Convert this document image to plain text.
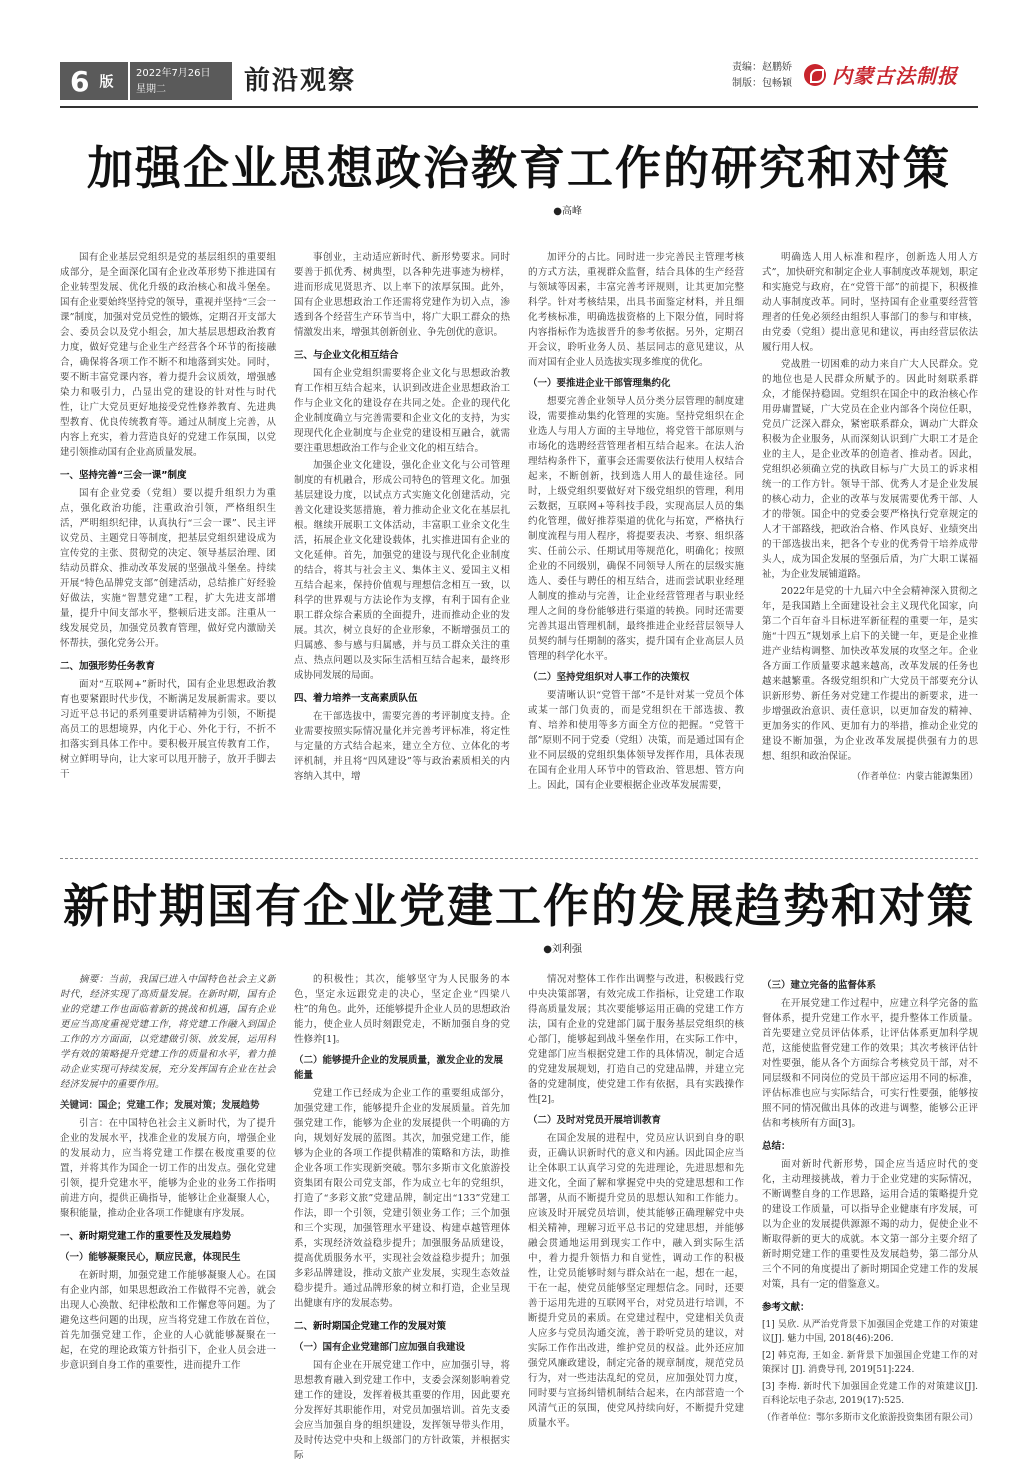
6 版
2022年7月26日
星期二	前沿观察	责编：赵鹏娇
制版：包畅颖 内蒙古法制报
加强企业思想政治教育工作的研究和对策
●高峰

国有企业基层党组织是党的基层组织的重要组成部分，是全面深化国有企业改革形势下推进国有企业转型发展、优化升级的政治核心和战斗堡垒。国有企业要始终坚持党的领导，重视并坚持“三会一课”制度，加强对党员党性的锻炼，定期召开支部大会、委员会以及党小组会，加大基层思想政治教育力度，做好党建与企业生产经营各个环节的衔接融合，确保将各项工作不断不和地落到实处。同时，要不断丰富党课内容，着力提升会议质效，增强感染力和吸引力，凸显出党的建设的针对性与时代性，让广大党员更好地接受党性修养教育、先进典型教育、优良传统教育等。通过从制度上完善，从内容上充实，着力营造良好的党建工作氛围，以党建引领推动国有企业高质量发展。

一、坚持完善“三会一课”制度

国有企业党委（党组）要以提升组织力为重点，强化政治功能，注重政治引领，严格组织生活，严明组织纪律，认真执行“三会一课”、民主评议党员、主题党日等制度，把基层党组织建设成为宣传党的主张、贯彻党的决定、领导基层治理、团结动员群众、推动改革发展的坚强战斗堡垒。持续开展“特色品牌党支部”创建活动，总结推广好经验好做法，实施“智慧党建”工程，扩大先进支部增量，提升中间支部水平，整顿后进支部。注重从一线发展党员，加强党员教育管理，做好党内激励关怀帮扶，强化党务公开。

二、加强形势任务教育

面对“互联网+”新时代，国有企业思想政治教育也要紧跟时代步伐，不断满足发展新需求。要以习近平总书记的系列重要讲话精神为引领，不断提高员工的思想境界，内化于心、外化于行，不折不扣落实到具体工作中。要积极开展宣传教育工作，树立鲜明导向，让大家可以甩开膀子，放开手脚去干

事创业，主动适应新时代、新形势要求。同时要善于抓优秀、树典型，以各种先进事迹为榜样，进而形成见贤思齐、以上率下的浓厚氛围。此外，国有企业思想政治工作还需将党建作为切入点，渗透到各个经营生产环节当中，将广大职工群众的热情激发出来，增强其创新创业、争先创优的意识。

三、与企业文化相互结合

国有企业党组织需要将企业文化与思想政治教育工作相互结合起来，认识到改进企业思想政治工作与企业文化的建设存在共同之处。企业的现代化企业制度确立与完善需要和企业文化的支持，为实现现代化企业制度与企业党的建设相互融合，就需要注重思想政治工作与企业文化的相互结合。

加强企业文化建设，强化企业文化与公司管理制度的有机融合，形成公司特色的管理文化。加强基层建设力度，以试点方式实施文化创建活动，完善文化建设奖惩措施，着力推动企业文化在基层扎根。继续开展职工文体活动，丰富职工业余文化生活，拓展企业文化建设载体，扎实推进国有企业的文化延伸。首先，加强党的建设与现代化企业制度的结合，将其与社会主义、集体主义、爱国主义相互结合起来，保持价值观与理想信念相互一致，以科学的世界观与方法论作为支撑，有利于国有企业职工群众综合素质的全面提升，进而推动企业的发展。其次，树立良好的企业形象，不断增强员工的归属感、参与感与归属感，并与员工群众关注的重点、热点问题以及实际生活相互结合起来，最终形成协同发展的局面。

四、着力培养一支高素质队伍

在干部选拔中，需要完善的考评制度支持。企业需要按照实际情况量化并完善考评标准，将定性与定量的方式结合起来，建立全方位、立体化的考评机制，并且将“四风建设”等与政治素质相关的内容纳入其中，增

加评分的占比。同时进一步完善民主管理考核的方式方法，重视群众监督，结合具体的生产经营与领域等因素，丰富完善考评规则，让其更加完整科学。针对考核结果，出具书面鉴定材料，并且细化考核标准，明确选拔资格的上下限分值，同时将内容指标作为选拔晋升的参考依据。另外，定期召开会议，聆听业务人员、基层同志的意见建议，从而对国有企业人员选拔实现多维度的优化。

（一）要推进企业干部管理集约化

想要完善企业领导人员分类分层管理的制度建设，需要推动集约化管理的实施。坚持党组织在企业选人与用人方面的主导地位，将党管干部原则与市场化的选聘经营管理者相互结合起来。在法人治理结构条件下，董事会还需要依法行使用人权结合起来，不断创新，找到选人用人的最佳途径。同时，上级党组织要做好对下级党组织的管理，利用云数据，互联网+等科技手段，实现高层人员的集约化管理，做好推荐渠道的优化与拓宽，严格执行制度流程与用人程序，将提要表决、考察、组织落实、任前公示、任期试用等规范化，明确化；按照企业的不同级别，确保不同领导人所在的层级实施选人、委任与聘任的相互结合，进而尝试职业经理人制度的推动与完善，让企业经营管理者与职业经理人之间的身份能够进行渠道的转换。同时还需要完善其退出管理机制，最终推进企业经营层领导人员契约制与任期制的落实，提升国有企业高层人员管理的科学化水平。

（二）坚持党组织对人事工作的决策权

要清晰认识“党管干部”不是针对某一党员个体或某一部门负责的，而是党组织在干部选拔、教育、培养和使用等多方面全方位的把握。“党管干部”原则不同于党委（党组）决策，而是通过国有企业不同层级的党组织集体领导发挥作用，具体表现在国有企业用人环节中的管政治、管思想、管方向上。因此，国有企业要根据企业改革发展需要，

明确选人用人标准和程序，创新选人用人方式”，加快研究和制定企业人事制度改革规划，职定和实施党与政府，在“党管干部”的前提下，积极推动人事制度改革。同时，坚持国有企业重要经营管理者的任免必须经由组织人事部门的参与和审核，由党委（党组）提出意见和建议，再由经营层依法履行用人权。

党战胜一切困难的动力来自广大人民群众。党的地位也是人民群众所赋予的。因此时刻联系群众，才能保持稳固。党组织在国企中的政治核心作用毋庸置疑，广大党员在企业内部各个岗位任职，党员广泛深入群众，紧密联系群众，调动广大群众积极为企业服务，从而深刻认识到广大职工才是企业的主人，是企业改革的创造者、推动者。因此，党组织必须确立党的执政目标与广大员工的诉求相统一的工作方针。领导干部、优秀人才是企业发展的核心动力，企业的改革与发展需要优秀干部、人才的带领。国企中的党委会要严格执行党章规定的人才干部路线，把政治合格、作风良好、业绩突出的干部选拔出来，把各个专业的优秀骨干培养成带头人，成为国企发展的坚强后盾，为广大职工谋福祉，为企业发展铺道路。

2022年是党的十九届六中全会精神深入贯彻之年，是我国踏上全面建设社会主义现代化国家，向第二个百年奋斗目标进军新征程的重要一年，是实施“十四五”规划承上启下的关键一年，更是企业推进产业结构调整、加快改革发展的攻坚之年。企业各方面工作质量要求越来越高，改革发展的任务也越来越繁重。各级党组织和广大党员干部要充分认识新形势、新任务对党建工作提出的新要求，进一步增强政治意识、责任意识，以更加奋发的精神、更加务实的作风、更加有力的举措，推动企业党的建设不断加强，为企业改革发展提供强有力的思想、组织和政治保证。

（作者单位：内蒙古能源集团）
新时期国有企业党建工作的发展趋势和对策
●刘利强

摘要：当前，我国已进入中国特色社会主义新时代，经济实现了高质量发展。在新时期，国有企业的党建工作也面临着新的挑战和机遇，国有企业更应当高度重视党建工作，将党建工作融入到国企工作的方方面面，以党建做引领、放发展，运用科学有效的策略提升党建工作的质量和水平，着力推动企业实现可持续发展，充分发挥国有企业在社会经济发展中的重要作用。

关键词：国企；党建工作；发展对策；发展趋势

引言：在中国特色社会主义新时代，为了提升企业的发展水平，找准企业的发展方向，增强企业的发展动力，应当将党建工作摆在极度重要的位置，并将其作为国企一切工作的出发点。强化党建引领，提升党建水平，能够为企业的业务工作指明前进方向，提供正确指导，能够让企业凝聚人心，聚积能量，推动企业各项工作健康有序发展。

一、新时期党建工作的重要性及发展趋势
（一）能够凝聚民心，顺应民意，体现民生

在新时期，加强党建工作能够凝聚人心。在国有企业内部，如果思想政治工作做得不完善，就会出现人心涣散、纪律松散和工作懈怠等问题。为了避免这些问题的出现，应当将党建工作放在首位，首先加强党建工作，企业的人心就能够凝聚在一起，在党的理论政策方针指引下，企业人员会进一步意识到自身工作的重要性，进而提升工作

的积极性；其次，能够坚守为人民服务的本色，坚定永远跟党走的决心，坚定企业“四梁八柱”的角色。此外，还能够提升企业人员的思想政治能力，使企业人员时刻跟党走，不断加强自身的党性修养[1]。

（二）能够提升企业的发展质量，激发企业的发展能量

党建工作已经成为企业工作的重要组成部分，加强党建工作，能够提升企业的发展质量。首先加强党建工作，能够为企业的发展提供一个明确的方向，规划好发展的蓝图。其次，加强党建工作，能够为企业的各项工作提供精准的策略和方法，助推企业各项工作实现新突破。鄂尔多斯市文化旅游投资集团有限公司党支部，作为成立七年的党组织，打造了“多彩文旅”党建品牌，制定出“133”党建工作法，即一个引领，党建引领业务工作；三个加强和三个实现，加强管理水平建设、构建卓越管理体系，实现经济效益稳步提升；加强服务品质建设，提高优质服务水平，实现社会效益稳步提升；加强多彩品牌建设，推动文旅产业发展，实现生态效益稳步提升。通过品牌形象的树立和打造，企业呈现出健康有序的发展态势。

二、新时期国企党建工作的发展对策
（一）国有企业党建部门应加强自我建设

国有企业在开展党建工作中，应加强引导，将思想教育融入到党建工作中，支委会深刻影响着党建工作的建设，发挥着极其重要的作用，因此要充分发挥好其职能作用，对党员加强培训。首先支委会应当加强自身的组织建设，发挥领导带头作用，及时传达党中央和上级部门的方针政策，并根据实际

情况对整体工作作出调整与改进，积极践行党中央决策部署，有效完成工作指标，让党建工作取得高质量发展；其次要能够运用正确的党建工作方法，国有企业的党建部门属于服务基层党组织的核心部门，能够起到战斗堡垒作用，在实际工作中，党建部门应当根据党建工作的具体情况，制定合适的党建发展规划，打造自己的党建品牌，并建立完备的党建制度，使党建工作有依据，具有实践操作性[2]。

（二）及时对党员开展培训教育

在国企发展的进程中，党员应认识到自身的职责，正确认识新时代的意义和内涵。因此国企应当让全体职工认真学习党的先进理论，先进思想和先进文化，全面了解和掌握党中央的党建思想和工作部署，从而不断提升党员的思想认知和工作能力。应该及时开展党员培训，使其能够正确理解党中央相关精神，理解习近平总书记的党建思想，并能够融会贯通地运用到现实工作中，融入到实际生活中，着力提升领悟力和自觉性，调动工作的积极性，让党员能够时刻与群众站在一起，想在一起，干在一起，使党员能够坚定理想信念。同时，还要善于运用先进的互联网平台，对党员进行培训，不断提升党员的素质。在党建过程中，党建相关负责人应多与党员沟通交流，善于聆听党员的建议，对实际工作作出改进，维护党员的权益。此外还应加强党风廉政建设，制定完备的规章制度，规范党员行为，对一些违法乱纪的党员，应加强处罚力度，同时要与宣扬纠错机制结合起来，在内部营造一个风清气正的氛围，使党风持续向好，不断提升党建质量水平。

（三）建立完备的监督体系

在开展党建工作过程中，应建立科学完备的监督体系，提升党建工作水平，提升整体工作质量。首先要建立党员评估体系，让评估体系更加科学规范，这能使监督党建工作的效果；其次考核评估针对性要强，能从各个方面综合考核党员干部，对不同层级和不同岗位的党员干部应运用不同的标准，评估标准也应与实际结合，可实行性要强，能够按照不同的情况做出具体的改进与调整，能够公正评估和考核所有方面[3]。

总结：

面对新时代新形势，国企应当适应时代的变化，主动理接挑战，着力于企业党建的实际情况，不断调整自身的工作思路，运用合适的策略提升党的建设工作质量，可以指导企业健康有序发展，可以为企业的发展提供源源不竭的动力，促使企业不断取得新的更大的成就。本文第一部分主要介绍了新时期党建工作的重要性及发展趋势，第二部分从三个不同的角度提出了新时期国企党建工作的发展对策，具有一定的借鉴意义。

参考文献：

[1] 吴欣. 从严治党背景下加强国企党建工作的对策建议[J]. 魅力中国, 2018(46):206.

[2] 韩克海, 王如金. 新背景下加强国企党建工作的对策探讨 [J]. 消费导刊, 2019[51]:224.

[3] 李梅. 新时代下加强国企党建工作的对策建议[J]. 百科论坛电子杂志, 2019(17):525.

（作者单位：鄂尔多斯市文化旅游投资集团有限公司）
